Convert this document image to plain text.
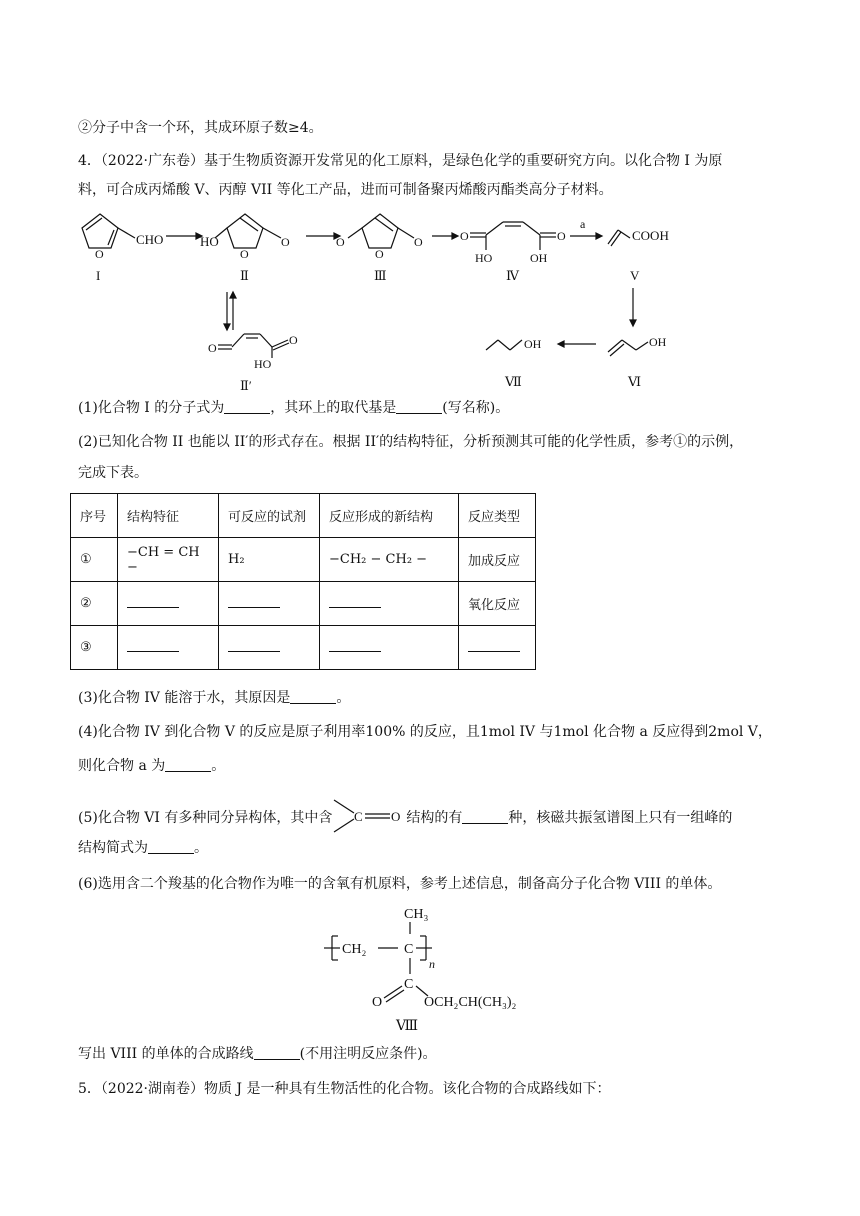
②分子中含一个环，其成环原子数≥4。
4．（2022·广东卷）基于生物质资源开发常见的化工原料，是绿色化学的重要研究方向。以化合物 I 为原
料，可合成丙烯酸 V、丙醇 VII 等化工产品，进而可制备聚丙烯酸丙酯类高分子材料。
CHO
O
I
HO
O
O
Ⅱ
O
O
O
Ⅲ
O	O
HO	OH
Ⅳ
a
COOH
V
O
O
HO
Ⅱ′
OH
Ⅵ
OH
Ⅶ
(1)化合物 I 的分子式为	，其环上的取代基是	(写名称)。
(2)已知化合物 II 也能以 II′的形式存在。根据 II′的结构特征，分析预测其可能的化学性质，参考①的示例，
完成下表。
序号	结构特征	可反应的试剂	反应形成的新结构	反应类型
①	−CH = CH −	H₂	−CH₂ − CH₂ −	加成反应
②				氧化反应
③				
(3)化合物 IV 能溶于水，其原因是	。
(4)化合物 IV 到化合物 V 的反应是原子利用率100% 的反应，且1mol IV 与1mol 化合物 a 反应得到2mol V，
则化合物 a 为	。
(5)化合物 VI 有多种同分异构体，其中含 C O 结构的有	种，核磁共振氢谱图上只有一组峰的
结构简式为	。
(6)选用含二个羧基的化合物作为唯一的含氧有机原料，参考上述信息，制备高分子化合物 VIII 的单体。
CH₃
CH₂	C
n
C
O	OCH₂CH(CH₃)₂
Ⅷ
写出 VIII 的单体的合成路线	(不用注明反应条件)。
5．（2022·湖南卷）物质 J 是一种具有生物活性的化合物。该化合物的合成路线如下：
